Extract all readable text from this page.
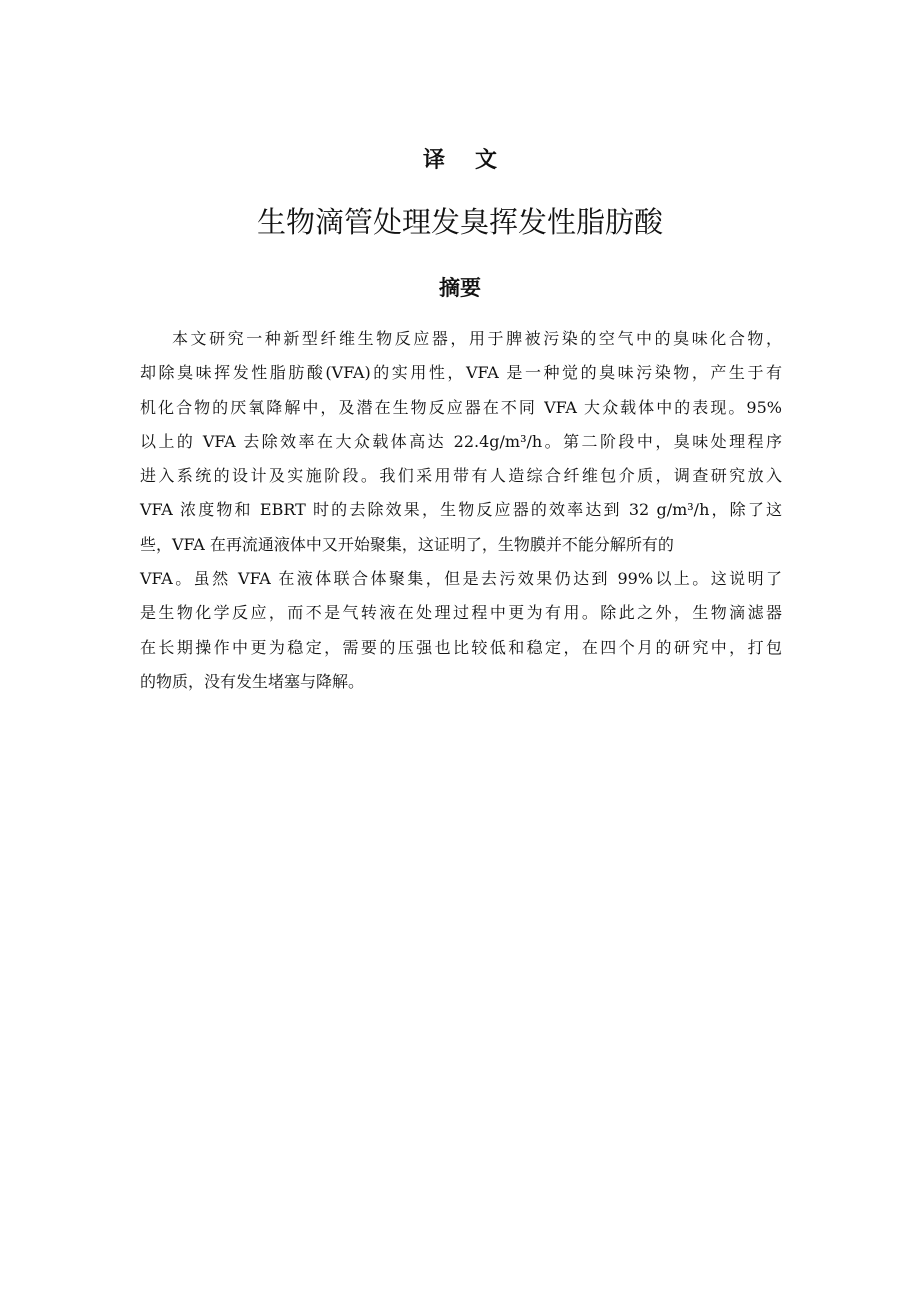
译文
生物滴管处理发臭挥发性脂肪酸
摘要
本文研究一种新型纤维生物反应器，用于脾被污染的空气中的臭味化合物，
却除臭味挥发性脂肪酸(VFA)的实用性，VFA 是一种觉的臭味污染物，产生于有
机化合物的厌氧降解中，及潜在生物反应器在不同 VFA 大众载体中的表现。95%
以上的 VFA 去除效率在大众载体高达 22.4g/m³/h。第二阶段中，臭味处理程序
进入系统的设计及实施阶段。我们采用带有人造综合纤维包介质，调查研究放入
VFA 浓度物和 EBRT 时的去除效果，生物反应器的效率达到 32 g/m³/h，除了这
些，VFA 在再流通液体中又开始聚集，这证明了，生物膜并不能分解所有的
VFA。虽然 VFA 在液体联合体聚集，但是去污效果仍达到 99%以上。这说明了
是生物化学反应，而不是气转液在处理过程中更为有用。除此之外，生物滴滤器
在长期操作中更为稳定，需要的压强也比较低和稳定，在四个月的研究中，打包
的物质，没有发生堵塞与降解。
